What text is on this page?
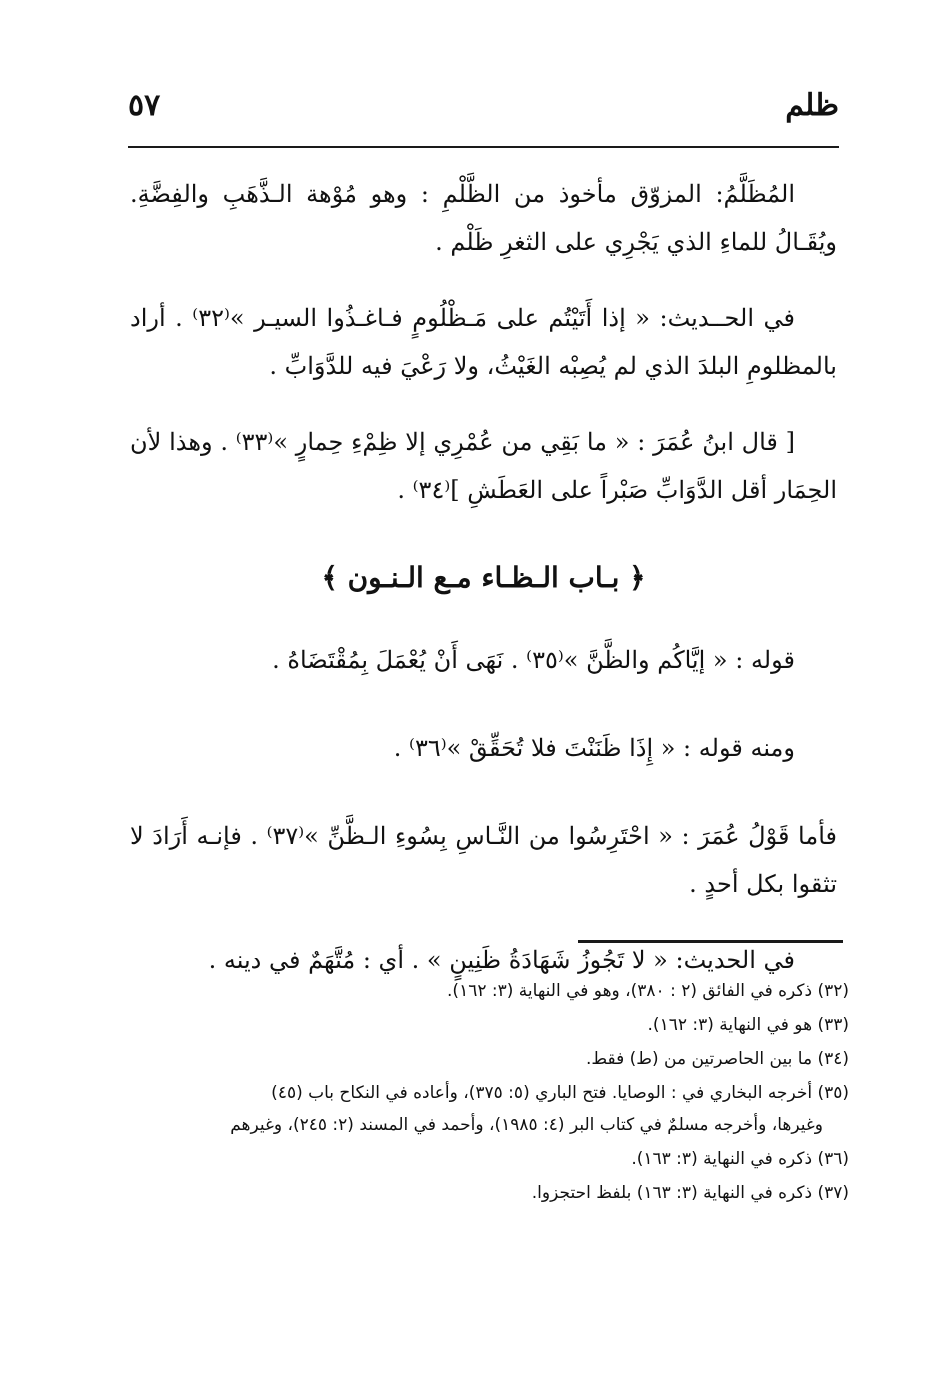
ظلم
٥٧

المُظَلَّمُ: المزوّق مأخوذ من الظَّلْمِ : وهو مُوْهة الـذَّهَبِ والفِضَّةِ. ويُقَـالُ للماءِ الذي يَجْرِي على الثغرِ ظَلْم .

في الحــديث: « إذا أَتَيْتُم على مَـظْلُومٍ فـاغـذُوا السيـر »⁽٣٢⁾ . أراد بالمظلومِ البلدَ الذي لم يُصِبْه الغَيْثُ، ولا رَعْيَ فيه للدَّوَابِّ .

[ قال ابنُ عُمَرَ : « ما بَقِي من عُمْرِي إلا ظِمْءِ حِمارٍ »⁽٣٣⁾ . وهذا لأن الحِمَار أقل الدَّوَابِّ صَبْراً على العَطَشِ ]⁽٣٤⁾ .

﴿ بـاب الـظـاء مـع الـنـون ﴾

قوله : « إيَّاكُم والظَّنَّ »⁽٣٥⁾ . نَهَى أَنْ يُعْمَلَ بِمُقْتَضَاهُ .

ومنه قوله : « إِذَا ظَنَنْتَ فلا تُحَقِّقْ »⁽٣٦⁾ .

فأما قَوْلُ عُمَرَ : « احْتَرِسُوا من النَّـاسِ بِسُوءِ الـظَّنِّ »⁽٣٧⁾ . فإنـه أَرَادَ لا تثقوا بكل أحدٍ .

في الحديث: « لا تَجُوزُ شَهَادَةُ ظَنِينٍ » . أي : مُتَّهَمٌ في دينه .

(٣٢) ذكره في الفائق (٢ : ٣٨٠)، وهو في النهاية (٣: ١٦٢).

(٣٣) هو في النهاية (٣: ١٦٢).

(٣٤) ما بين الحاصرتين من (ط) فقط.

(٣٥) أخرجه البخاري في : الوصايا. فتح الباري (٥: ٣٧٥)، وأعاده في النكاح باب (٤٥)
وغيرها، وأخرجه مسلمٌ في كتاب البر (٤: ١٩٨٥)، وأحمد في المسند (٢: ٢٤٥)، وغيرهم

(٣٦) ذكره في النهاية (٣: ١٦٣).

(٣٧) ذكره في النهاية (٣: ١٦٣) بلفظ احتجزوا.
